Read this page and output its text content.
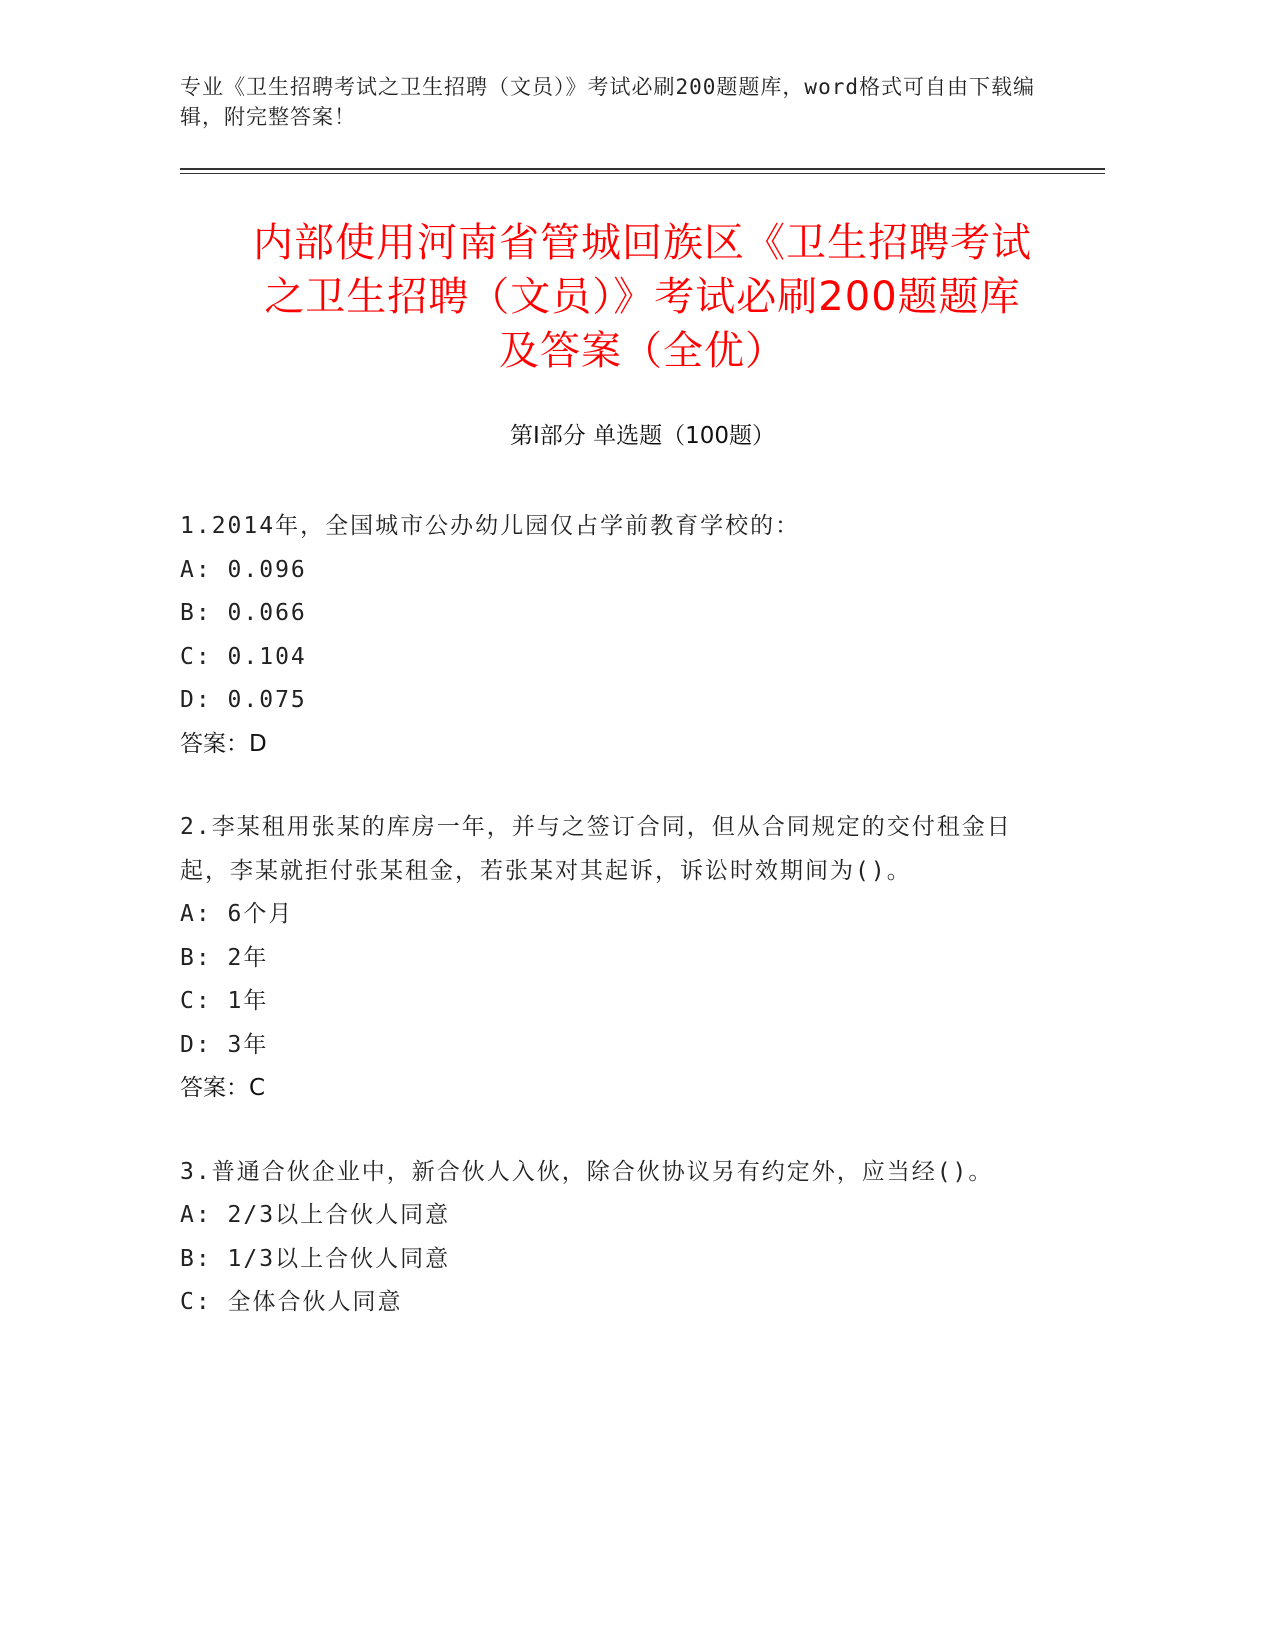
专业《卫生招聘考试之卫生招聘（文员）》考试必刷200题题库，word格式可自由下载编辑，附完整答案！
内部使用河南省管城回族区《卫生招聘考试
之卫生招聘（文员）》考试必刷200题题库
及答案（全优）
第Ⅰ部分 单选题（100题）
1.2014年，全国城市公办幼儿园仅占学前教育学校的：
A: 0.096
B: 0.066
C: 0.104
D: 0.075
答案：D
2.李某租用张某的库房一年，并与之签订合同，但从合同规定的交付租金日起，李某就拒付张某租金，若张某对其起诉，诉讼时效期间为()。
A: 6个月
B: 2年
C: 1年
D: 3年
答案：C
3.普通合伙企业中，新合伙人入伙，除合伙协议另有约定外，应当经()。
A: 2/3以上合伙人同意
B: 1/3以上合伙人同意
C: 全体合伙人同意
